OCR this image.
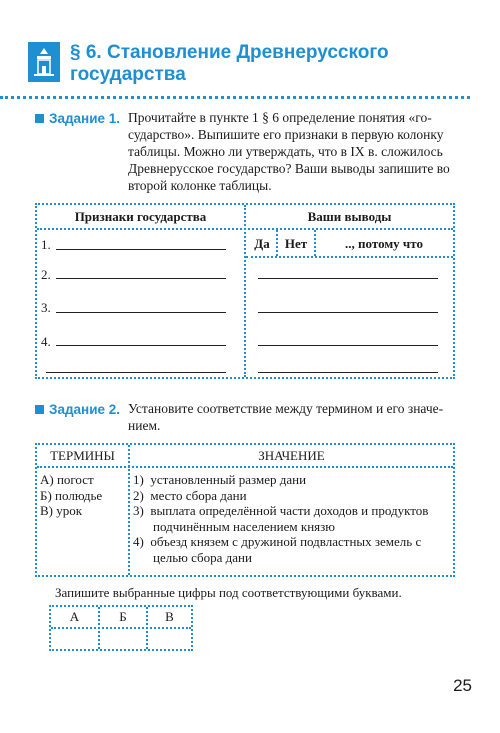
§ 6. Становление Древнерусского
государства
Задание 1. Прочитайте в пункте 1 § 6 определение понятия «го-
сударство». Выпишите его признаки в первую колонку
таблицы. Можно ли утверждать, что в IX в. сложилось
Древнерусское государство? Ваши выводы запишите во
второй колонке таблицы.
Признаки государства	Ваши выводы
Да	Нет	.., потому что
1.
2.
3.
4.
Задание 2. Установите соответствие между термином и его значе-
нием.
ТЕРМИНЫ	ЗНАЧЕНИЕ
А) погост
Б) полюдье
В) урок
1) установленный размер дани
2) место сбора дани
3) выплата определённой части доходов и продуктов
подчинённым населением князю
4) объезд князем с дружиной подвластных земель с
целью сбора дани
Запишите выбранные цифры под соответствующими буквами.
А	Б	В
25
